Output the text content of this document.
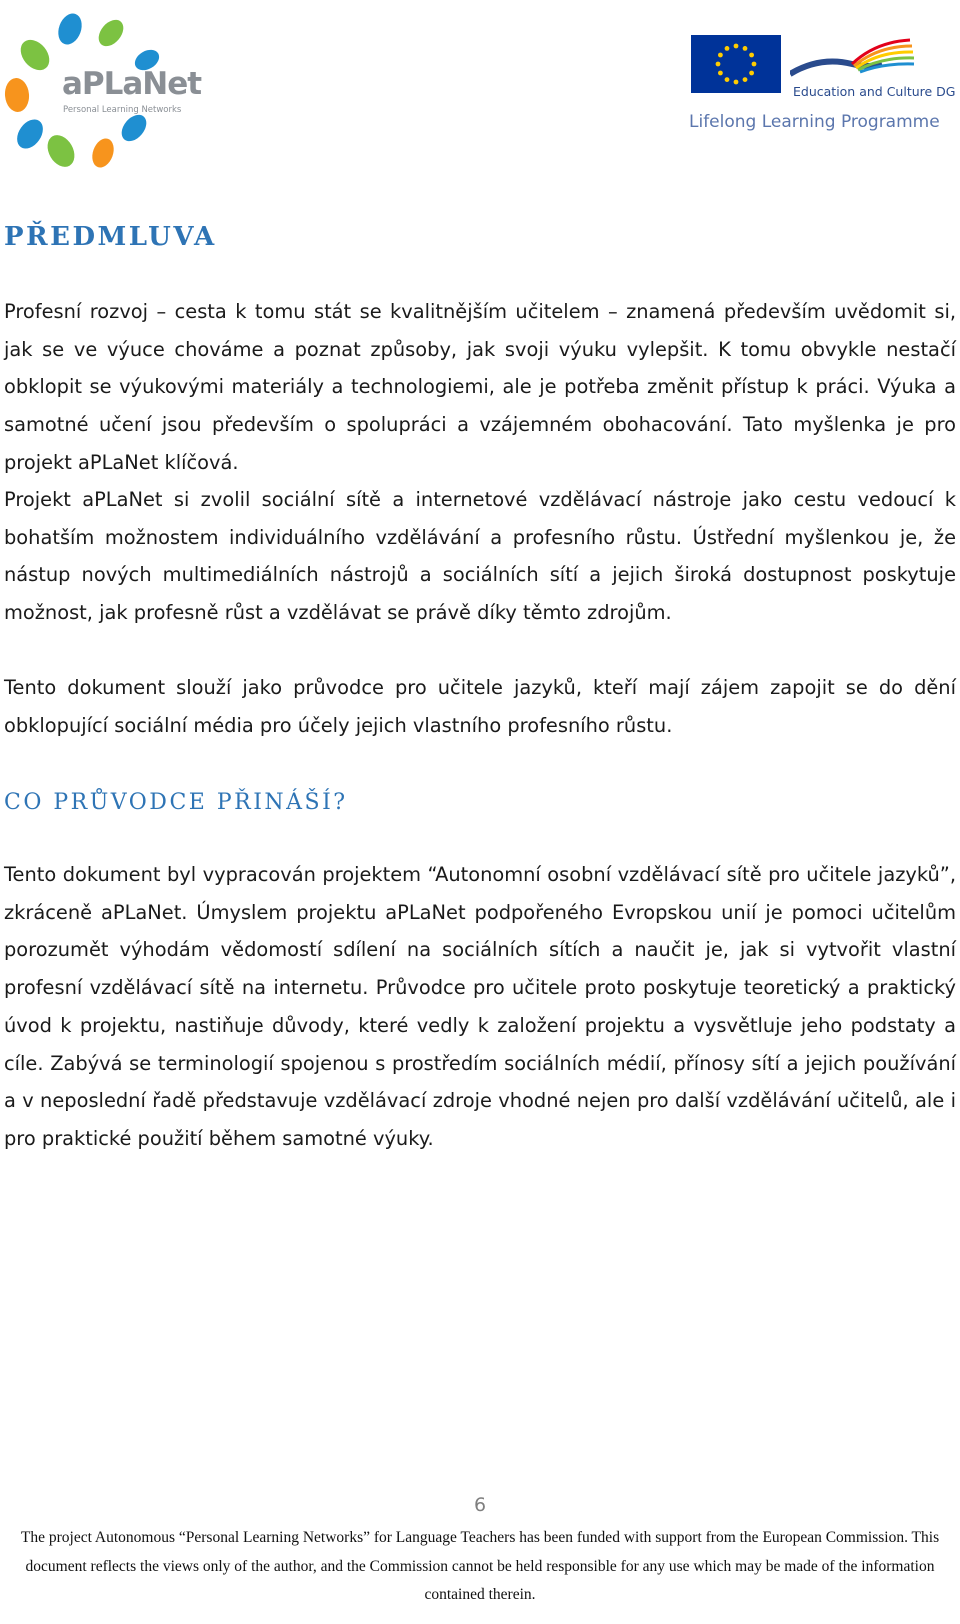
aPLaNet
Personal Learning Networks
Education and Culture DG
Lifelong Learning Programme
PŘEDMLUVA

Profesní rozvoj – cesta k tomu stát se kvalitnějším učitelem – znamená především uvědomit si, jak se ve výuce chováme a poznat způsoby, jak svoji výuku vylepšit. K tomu obvykle nestačí obklopit se výukovými materiály a technologiemi, ale je potřeba změnit přístup k práci. Výuka a samotné učení jsou především o spolupráci a vzájemném obohacování. Tato myšlenka je pro projekt aPLaNet klíčová.

Projekt aPLaNet si zvolil sociální sítě a internetové vzdělávací nástroje jako cestu vedoucí k bohatším možnostem individuálního vzdělávání a profesního růstu. Ústřední myšlenkou je, že nástup nových multimediálních nástrojů a sociálních sítí a jejich široká dostupnost poskytuje možnost, jak profesně růst a vzdělávat se právě díky těmto zdrojům.

Tento dokument slouží jako průvodce pro učitele jazyků, kteří mají zájem zapojit se do dění obklopující sociální média pro účely jejich vlastního profesního růstu.

CO PRŮVODCE PŘINÁŠÍ?

Tento dokument byl vypracován projektem “Autonomní osobní vzdělávací sítě pro učitele jazyků”, zkráceně aPLaNet. Úmyslem projektu aPLaNet podpořeného Evropskou unií je pomoci učitelům porozumět výhodám vědomostí sdílení na sociálních sítích a naučit je, jak si vytvořit vlastní profesní vzdělávací sítě na internetu. Průvodce pro učitele proto poskytuje teoretický a praktický úvod k projektu, nastiňuje důvody, které vedly k založení projektu a vysvětluje jeho podstaty a cíle. Zabývá se terminologií spojenou s prostředím sociálních médií, přínosy sítí a jejich používání a v neposlední řadě představuje vzdělávací zdroje vhodné nejen pro další vzdělávání učitelů, ale i pro praktické použití během samotné výuky.

6
The project Autonomous “Personal Learning Networks” for Language Teachers has been funded with support from the European Commission. This document reflects the views only of the author, and the Commission cannot be held responsible for any use which may be made of the information contained therein.
